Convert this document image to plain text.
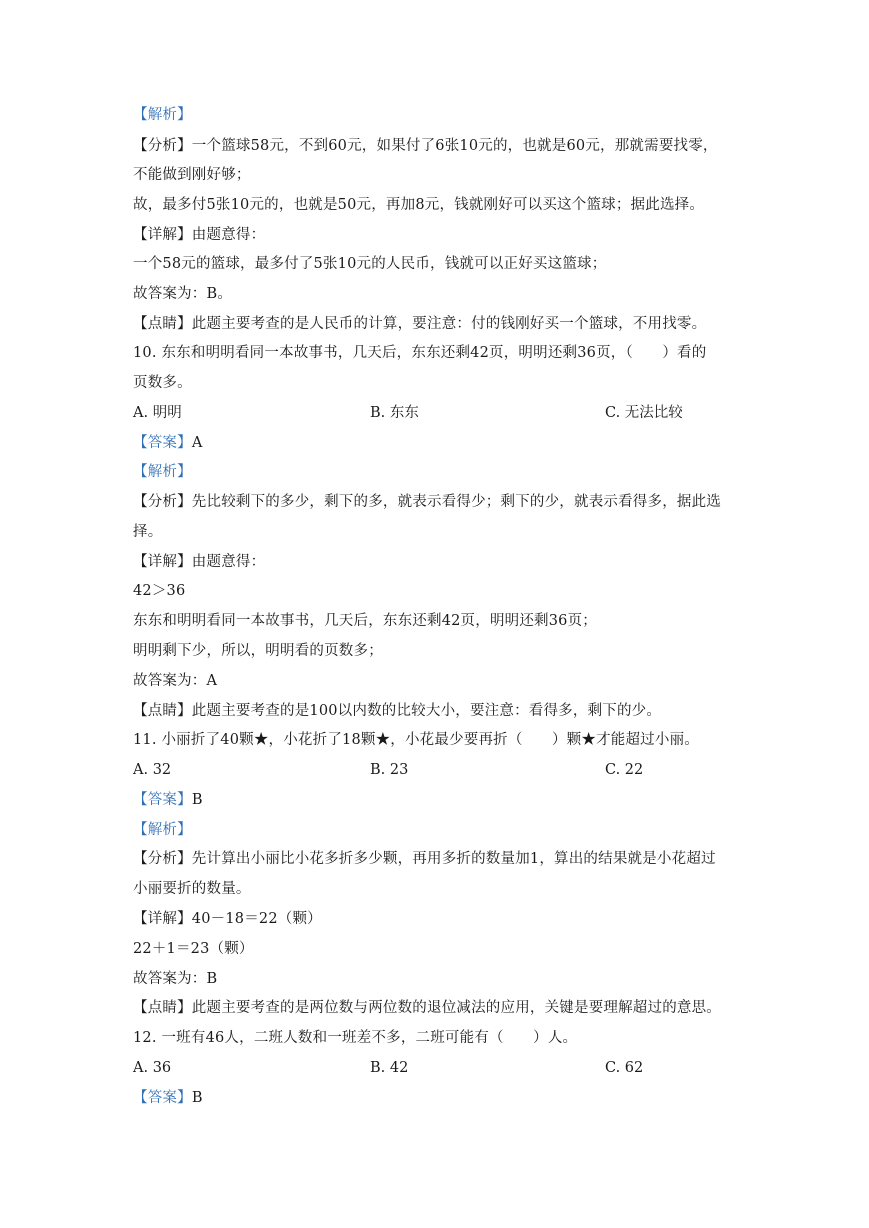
【解析】
【分析】一个篮球58元，不到60元，如果付了6张10元的，也就是60元，那就需要找零，
不能做到刚好够；
故，最多付5张10元的，也就是50元，再加8元，钱就刚好可以买这个篮球；据此选择。
【详解】由题意得：
一个58元的篮球，最多付了5张10元的人民币，钱就可以正好买这篮球；
故答案为：B。
【点睛】此题主要考查的是人民币的计算，要注意：付的钱刚好买一个篮球，不用找零。
10. 东东和明明看同一本故事书，几天后，东东还剩42页，明明还剩36页，（　　）看的
页数多。
A. 明明	B. 东东	C. 无法比较
【答案】A
【解析】
【分析】先比较剩下的多少，剩下的多，就表示看得少；剩下的少，就表示看得多，据此选
择。
【详解】由题意得：
42＞36
东东和明明看同一本故事书，几天后，东东还剩42页，明明还剩36页；
明明剩下少，所以，明明看的页数多；
故答案为：A
【点睛】此题主要考查的是100以内数的比较大小，要注意：看得多，剩下的少。
11. 小丽折了40颗★，小花折了18颗★，小花最少要再折（　　）颗★才能超过小丽。
A. 32	B. 23	C. 22
【答案】B
【解析】
【分析】先计算出小丽比小花多折多少颗，再用多折的数量加1，算出的结果就是小花超过
小丽要折的数量。
【详解】40－18＝22（颗）
22＋1＝23（颗）
故答案为：B
【点睛】此题主要考查的是两位数与两位数的退位减法的应用，关键是要理解超过的意思。
12. 一班有46人，二班人数和一班差不多，二班可能有（　　）人。
A. 36	B. 42	C. 62
【答案】B
